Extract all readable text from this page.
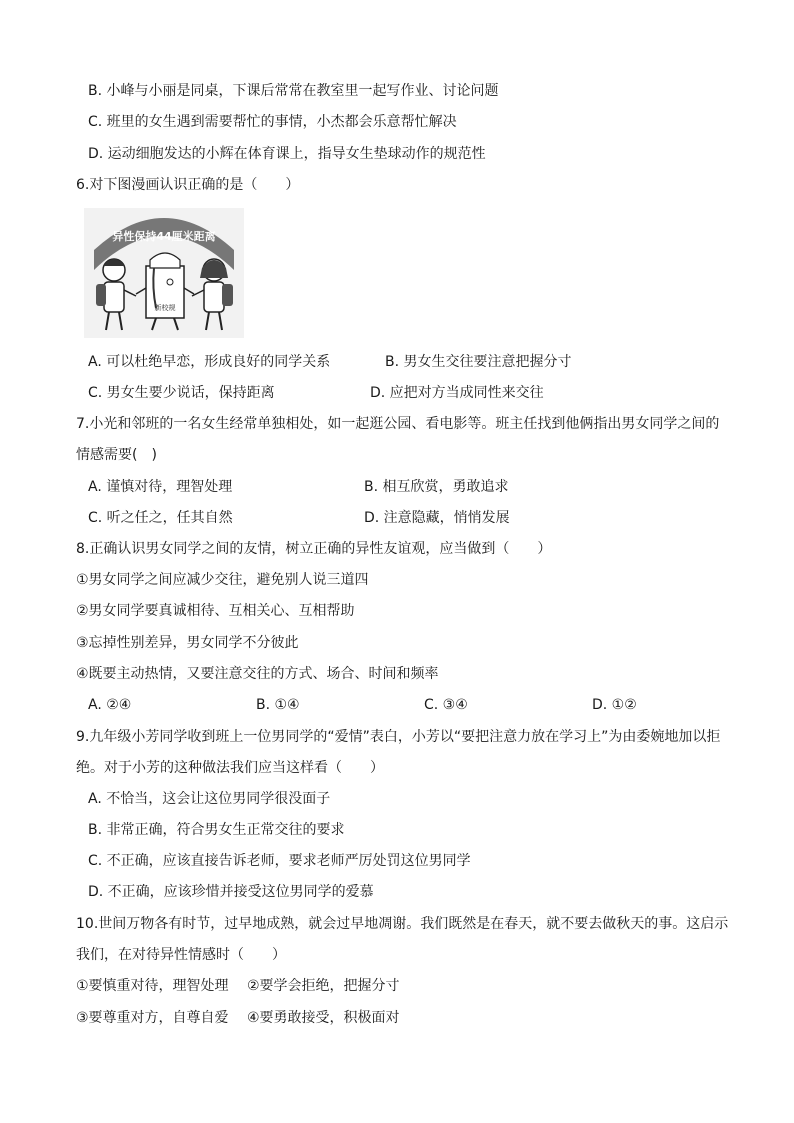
B. 小峰与小丽是同桌，下课后常常在教室里一起写作业、讨论问题
C. 班里的女生遇到需要帮忙的事情，小杰都会乐意帮忙解决
D. 运动细胞发达的小辉在体育课上，指导女生垫球动作的规范性
6.对下图漫画认识正确的是（　　）
异性保持44厘米距离
新校规
A. 可以杜绝早恋，形成良好的同学关系	B. 男女生交往要注意把握分寸
C. 男女生要少说话，保持距离	D. 应把对方当成同性来交往
7.小光和邻班的一名女生经常单独相处，如一起逛公园、看电影等。班主任找到他俩指出男女同学之间的
情感需要(　)
A. 谨慎对待，理智处理	B. 相互欣赏，勇敢追求
C. 听之任之，任其自然	D. 注意隐藏，悄悄发展
8.正确认识男女同学之间的友情，树立正确的异性友谊观，应当做到（　　）
①男女同学之间应减少交往，避免别人说三道四
②男女同学要真诚相待、互相关心、互相帮助
③忘掉性别差异，男女同学不分彼此
④既要主动热情，又要注意交往的方式、场合、时间和频率
A. ②④	B. ①④	C. ③④	D. ①②
9.九年级小芳同学收到班上一位男同学的“爱情”表白，小芳以“要把注意力放在学习上”为由委婉地加以拒
绝。对于小芳的这种做法我们应当这样看（　　）
A. 不恰当，这会让这位男同学很没面子
B. 非常正确，符合男女生正常交往的要求
C. 不正确，应该直接告诉老师，要求老师严厉处罚这位男同学
D. 不正确，应该珍惜并接受这位男同学的爱慕
10.世间万物各有时节，过早地成熟，就会过早地凋谢。我们既然是在春天，就不要去做秋天的事。这启示
我们，在对待异性情感时（　　）
①要慎重对待，理智处理　 ②要学会拒绝，把握分寸
③要尊重对方，自尊自爱　 ④要勇敢接受，积极面对
